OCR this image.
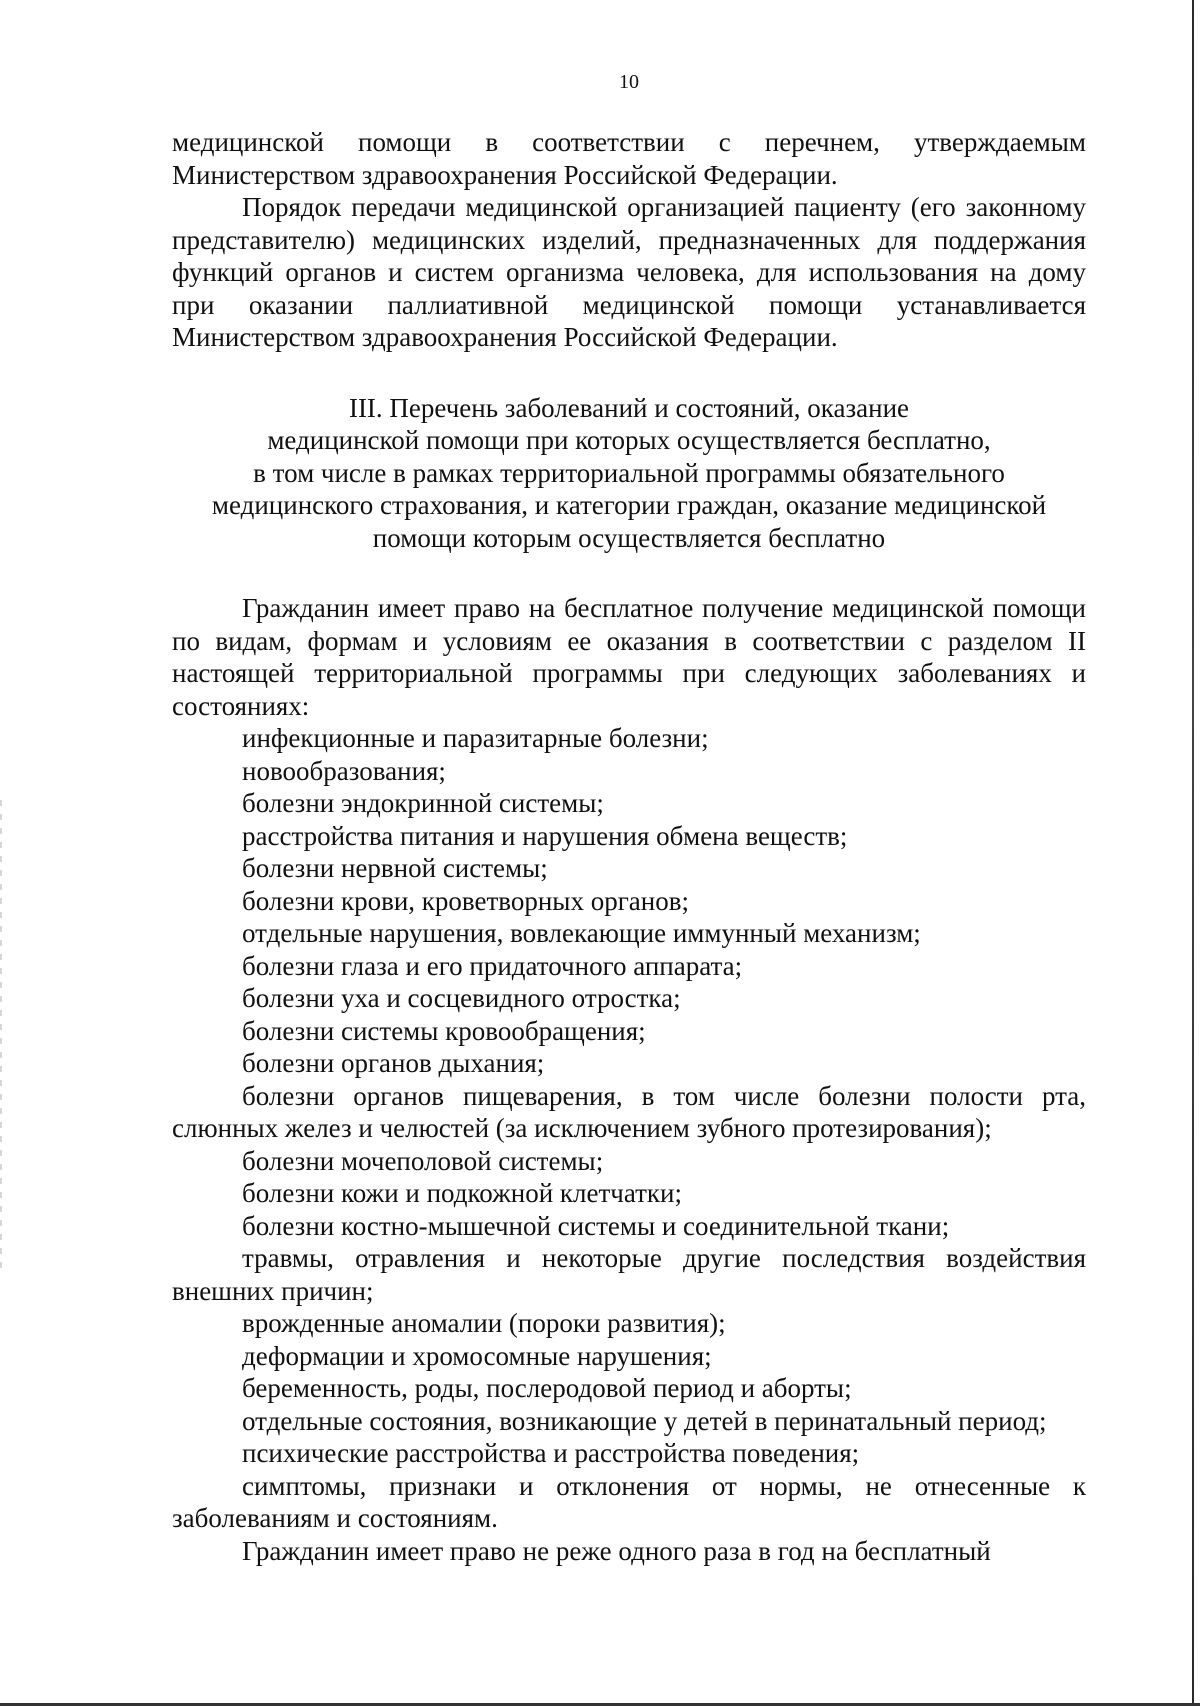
10

медицинской помощи в соответствии с перечнем, утверждаемым Министерством здравоохранения Российской Федерации.

Порядок передачи медицинской организацией пациенту (его законному представителю) медицинских изделий, предназначенных для поддержания функций органов и систем организма человека, для использования на дому при оказании паллиативной медицинской помощи устанавливается Министерством здравоохранения Российской Федерации.

III. Перечень заболеваний и состояний, оказание
медицинской помощи при которых осуществляется бесплатно,
в том числе в рамках территориальной программы обязательного
медицинского страхования, и категории граждан, оказание медицинской
помощи которым осуществляется бесплатно

Гражданин имеет право на бесплатное получение медицинской помощи по видам, формам и условиям ее оказания в соответствии с разделом II настоящей территориальной программы при следующих заболеваниях и состояниях:

инфекционные и паразитарные болезни;
новообразования;
болезни эндокринной системы;
расстройства питания и нарушения обмена веществ;
болезни нервной системы;
болезни крови, кроветворных органов;
отдельные нарушения, вовлекающие иммунный механизм;
болезни глаза и его придаточного аппарата;
болезни уха и сосцевидного отростка;
болезни системы кровообращения;
болезни органов дыхания;
болезни органов пищеварения, в том числе болезни полости рта, слюнных желез и челюстей (за исключением зубного протезирования);
болезни мочеполовой системы;
болезни кожи и подкожной клетчатки;
болезни костно-мышечной системы и соединительной ткани;
травмы, отравления и некоторые другие последствия воздействия внешних причин;
врожденные аномалии (пороки развития);
деформации и хромосомные нарушения;
беременность, роды, послеродовой период и аборты;
отдельные состояния, возникающие у детей в перинатальный период;
психические расстройства и расстройства поведения;
симптомы, признаки и отклонения от нормы, не отнесенные к заболеваниям и состояниям.

Гражданин имеет право не реже одного раза в год на бесплатный
